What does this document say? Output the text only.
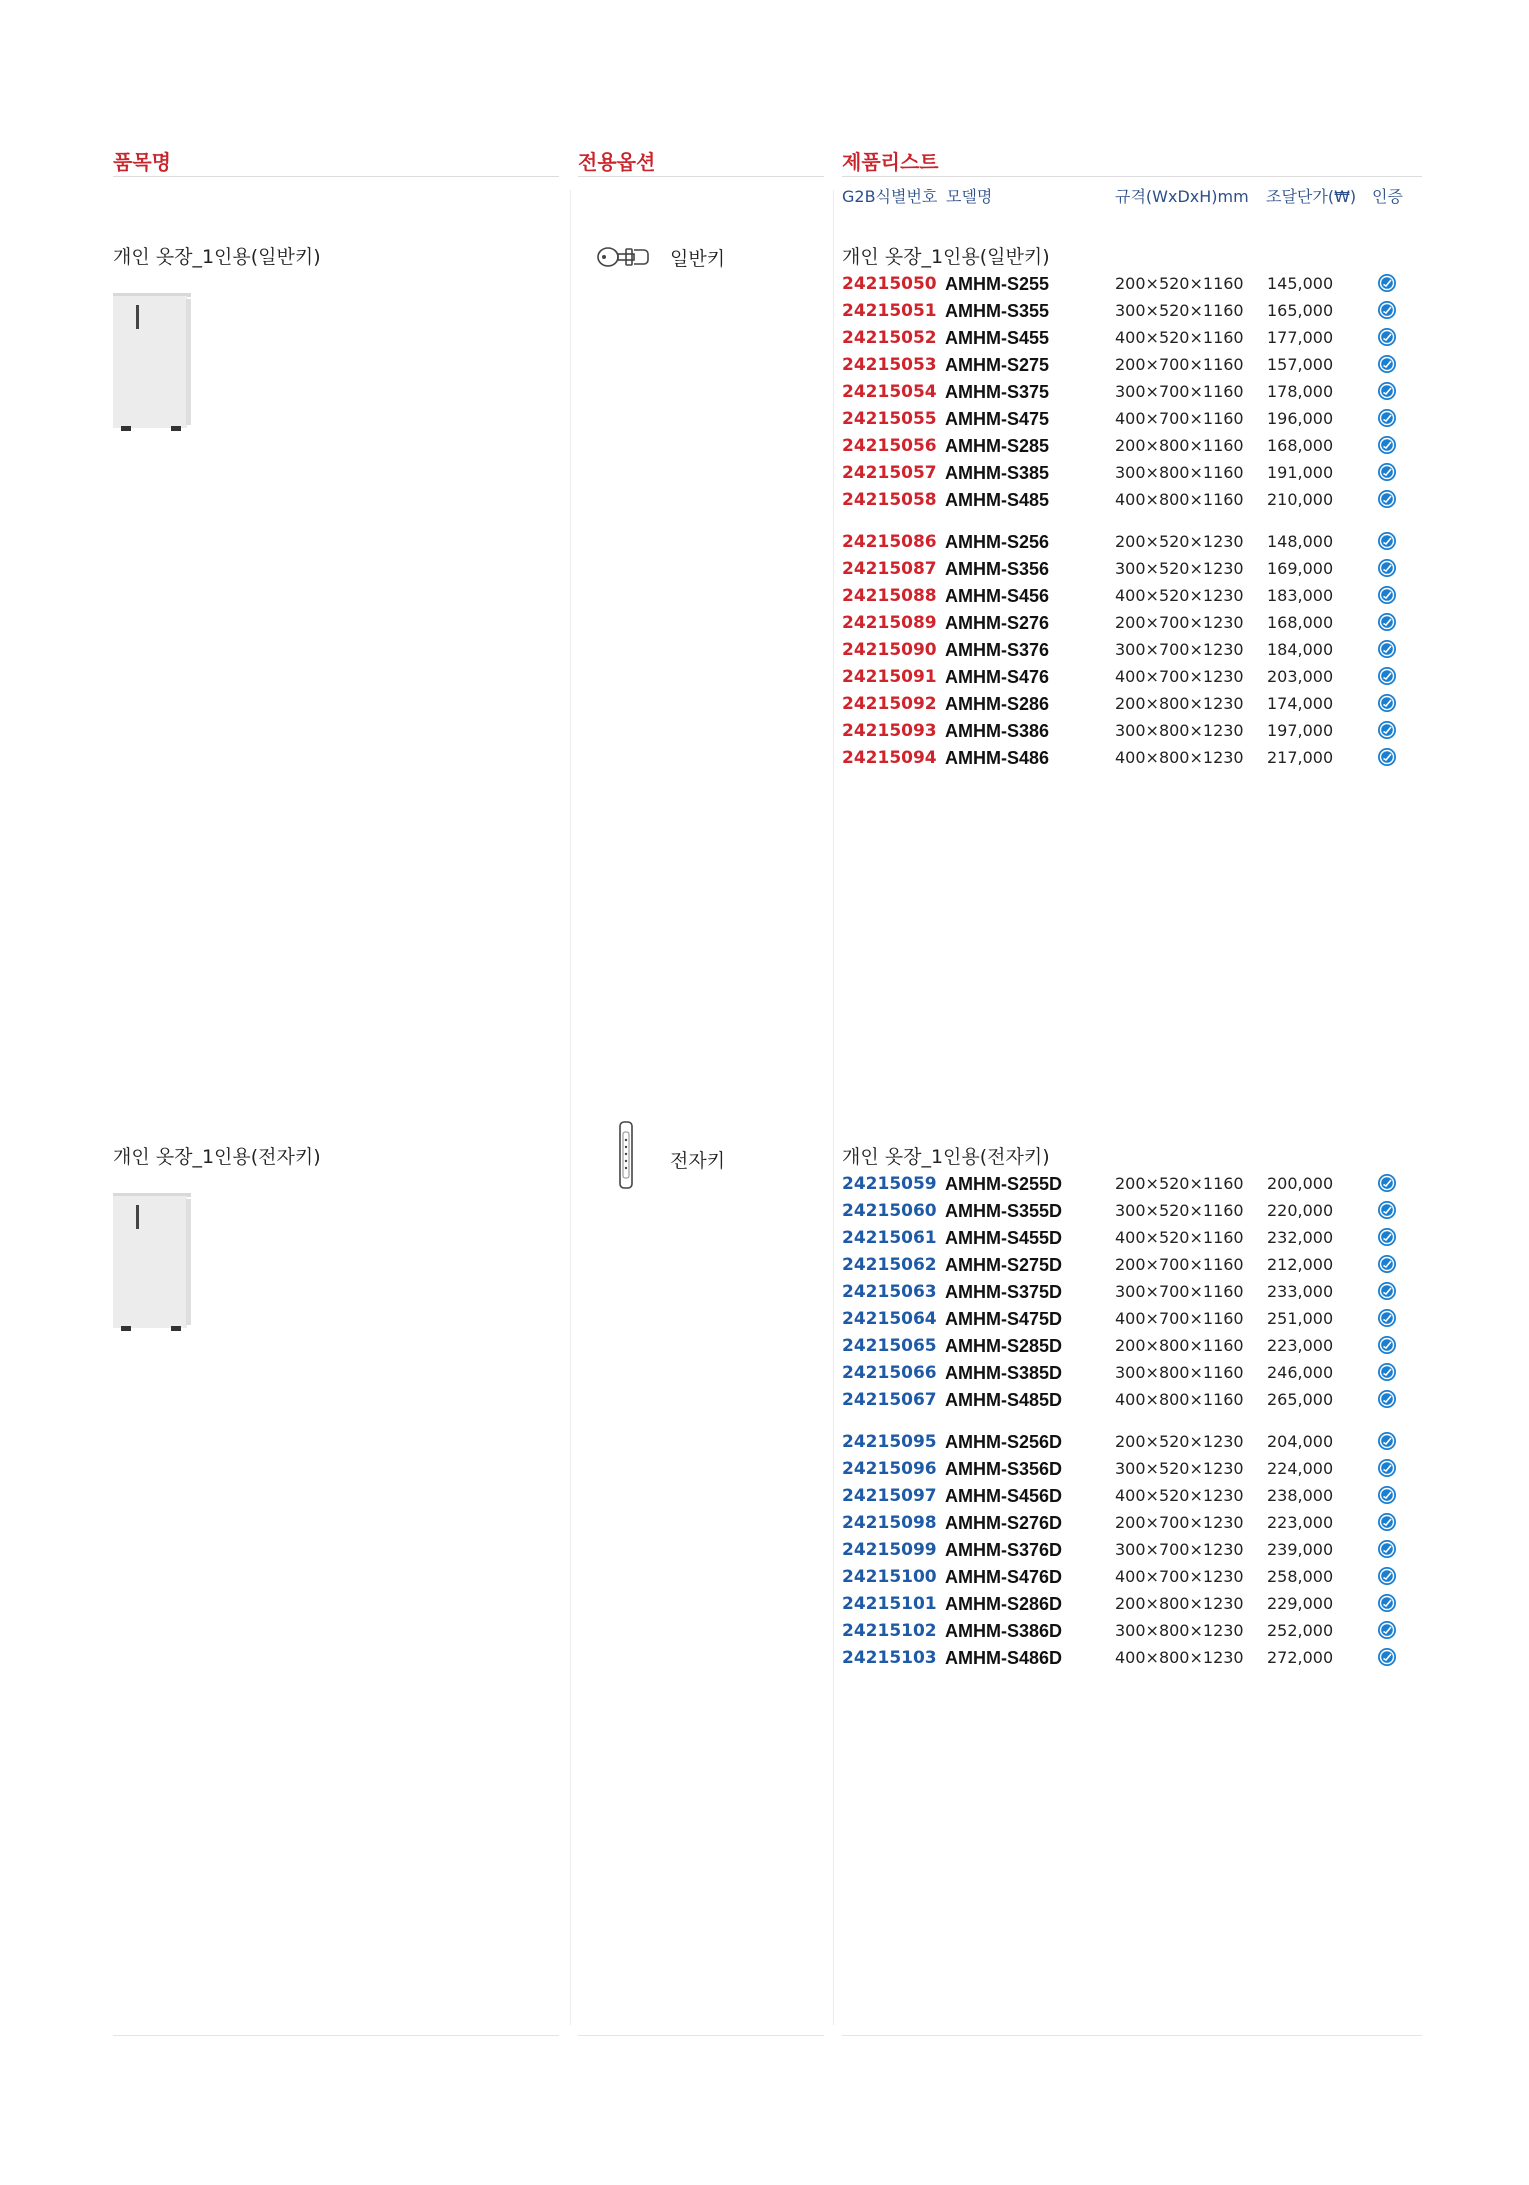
품목명	전용옵션	제품리스트
G2B식별번호 모델명	규격(WxDxH)mm 조달단가(₩) 인증
개인 옷장_1인용(일반키)	일반키	개인 옷장_1인용(일반키)
24215050 AMHM-S255	200×520×1160 145,000
24215051 AMHM-S355	300×520×1160 165,000
24215052 AMHM-S455	400×520×1160 177,000
24215053 AMHM-S275	200×700×1160 157,000
24215054 AMHM-S375	300×700×1160 178,000
24215055 AMHM-S475	400×700×1160 196,000
24215056 AMHM-S285	200×800×1160 168,000
24215057 AMHM-S385	300×800×1160 191,000
24215058 AMHM-S485	400×800×1160 210,000
24215086 AMHM-S256	200×520×1230 148,000
24215087 AMHM-S356	300×520×1230 169,000
24215088 AMHM-S456	400×520×1230 183,000
24215089 AMHM-S276	200×700×1230 168,000
24215090 AMHM-S376	300×700×1230 184,000
24215091 AMHM-S476	400×700×1230 203,000
24215092 AMHM-S286	200×800×1230 174,000
24215093 AMHM-S386	300×800×1230 197,000
24215094 AMHM-S486	400×800×1230 217,000
개인 옷장_1인용(전자키)	전자키	개인 옷장_1인용(전자키)
24215059 AMHM-S255D	200×520×1160 200,000
24215060 AMHM-S355D	300×520×1160 220,000
24215061 AMHM-S455D	400×520×1160 232,000
24215062 AMHM-S275D	200×700×1160 212,000
24215063 AMHM-S375D	300×700×1160 233,000
24215064 AMHM-S475D	400×700×1160 251,000
24215065 AMHM-S285D	200×800×1160 223,000
24215066 AMHM-S385D	300×800×1160 246,000
24215067 AMHM-S485D	400×800×1160 265,000
24215095 AMHM-S256D	200×520×1230 204,000
24215096 AMHM-S356D	300×520×1230 224,000
24215097 AMHM-S456D	400×520×1230 238,000
24215098 AMHM-S276D	200×700×1230 223,000
24215099 AMHM-S376D	300×700×1230 239,000
24215100 AMHM-S476D	400×700×1230 258,000
24215101 AMHM-S286D	200×800×1230 229,000
24215102 AMHM-S386D	300×800×1230 252,000
24215103 AMHM-S486D	400×800×1230 272,000
